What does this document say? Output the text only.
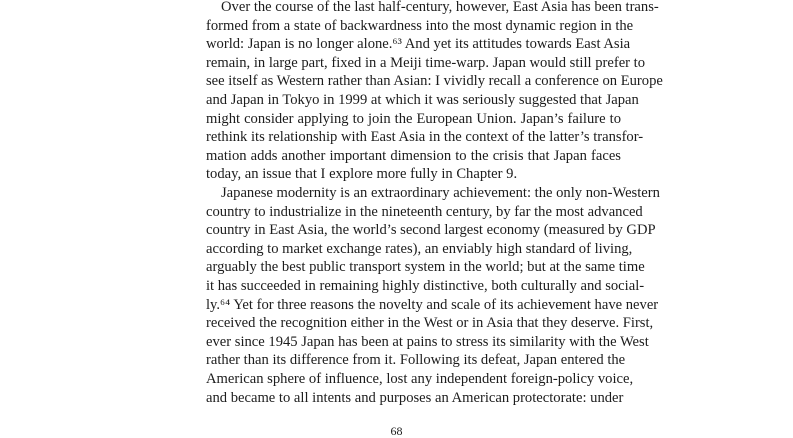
Over the course of the last half-century, however, East Asia has been trans-

formed from a state of backwardness into the most dynamic region in the

world: Japan is no longer alone.⁶³ And yet its attitudes towards East Asia

remain, in large part, fixed in a Meiji time-warp. Japan would still prefer to

see itself as Western rather than Asian: I vividly recall a conference on Europe

and Japan in Tokyo in 1999 at which it was seriously suggested that Japan

might consider applying to join the European Union. Japan’s failure to

rethink its relationship with East Asia in the context of the latter’s transfor-

mation adds another important dimension to the crisis that Japan faces

today, an issue that I explore more fully in Chapter 9.

Japanese modernity is an extraordinary achievement: the only non-Western

country to industrialize in the nineteenth century, by far the most advanced

country in East Asia, the world’s second largest economy (measured by GDP

according to market exchange rates), an enviably high standard of living,

arguably the best public transport system in the world; but at the same time

it has succeeded in remaining highly distinctive, both culturally and social-

ly.⁶⁴ Yet for three reasons the novelty and scale of its achievement have never

received the recognition either in the West or in Asia that they deserve. First,

ever since 1945 Japan has been at pains to stress its similarity with the West

rather than its difference from it. Following its defeat, Japan entered the

American sphere of influence, lost any independent foreign-policy voice,

and became to all intents and purposes an American protectorate: under

68
